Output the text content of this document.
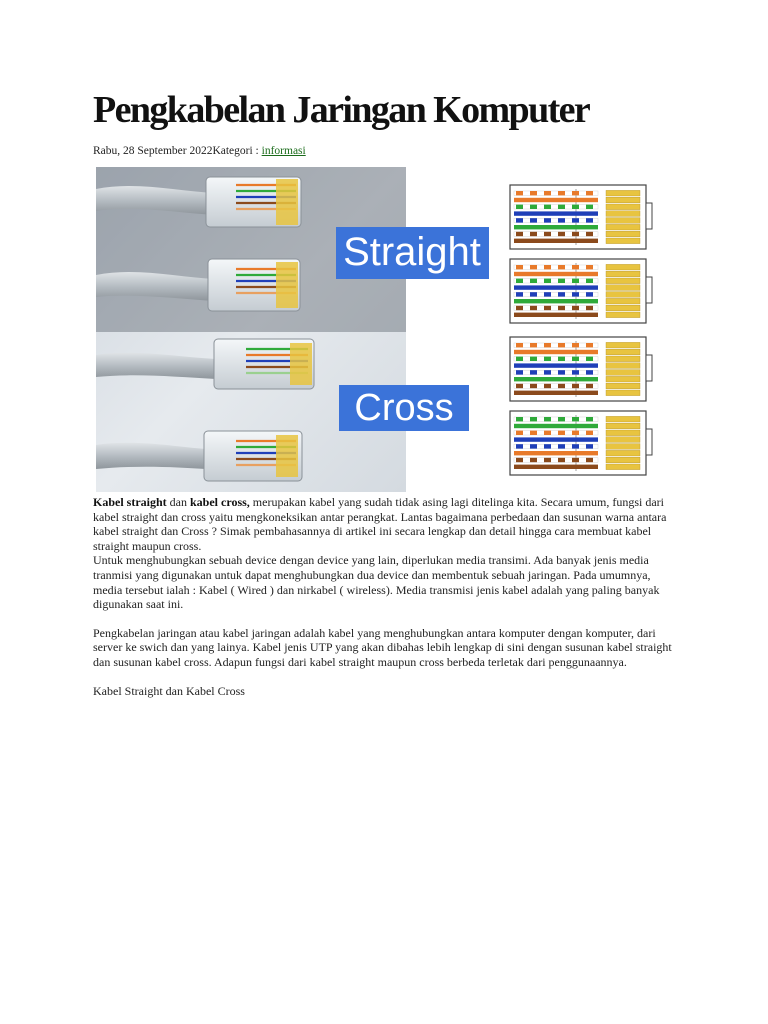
Pengkabelan Jaringan Komputer
Rabu, 28 September 2022Kategori : informasi
Straight
Cross

Kabel straight dan kabel cross, merupakan kabel yang sudah tidak asing lagi ditelinga kita. Secara umum, fungsi dari kabel straight dan cross yaitu mengkoneksikan antar perangkat. Lantas bagaimana perbedaan dan susunan warna antara kabel straight dan Cross ? Simak pembahasannya di artikel ini secara lengkap dan detail hingga cara membuat kabel straight maupun cross.

Untuk menghubungkan sebuah device dengan device yang lain, diperlukan media transimi. Ada banyak jenis media tranmisi yang digunakan untuk dapat menghubungkan dua device dan membentuk sebuah jaringan. Pada umumnya, media tersebut ialah : Kabel ( Wired ) dan nirkabel ( wireless). Media transmisi jenis kabel adalah yang paling banyak digunakan saat ini.

Pengkabelan jaringan atau kabel jaringan adalah kabel yang menghubungkan antara komputer dengan komputer, dari server ke swich dan yang lainya. Kabel jenis UTP yang akan dibahas lebih lengkap di sini dengan susunan kabel straight dan susunan kabel cross. Adapun fungsi dari kabel straight maupun cross berbeda terletak dari penggunaannya.

Kabel Straight dan Kabel Cross
